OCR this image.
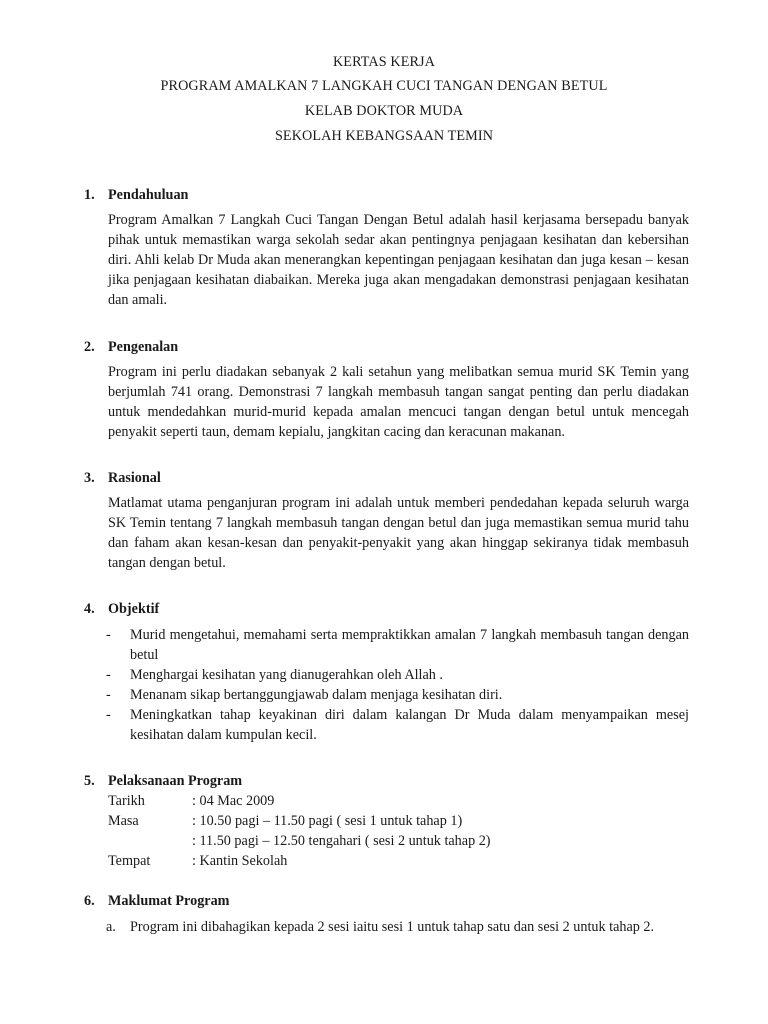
KERTAS KERJA
PROGRAM AMALKAN 7 LANGKAH CUCI TANGAN DENGAN BETUL
KELAB DOKTOR MUDA
SEKOLAH KEBANGSAAN TEMIN
1. Pendahuluan
Program Amalkan 7 Langkah Cuci Tangan Dengan Betul adalah hasil kerjasama bersepadu banyak pihak untuk memastikan warga sekolah sedar akan pentingnya penjagaan kesihatan dan kebersihan diri. Ahli kelab Dr Muda akan menerangkan kepentingan penjagaan kesihatan dan juga kesan – kesan jika penjagaan kesihatan diabaikan. Mereka juga akan mengadakan demonstrasi penjagaan kesihatan dan amali.
2. Pengenalan
Program ini perlu diadakan sebanyak 2 kali setahun yang melibatkan semua murid SK Temin yang berjumlah 741 orang. Demonstrasi 7 langkah membasuh tangan sangat penting dan perlu diadakan untuk mendedahkan murid-murid kepada amalan mencuci tangan dengan betul untuk mencegah penyakit seperti taun, demam kepialu, jangkitan cacing dan keracunan makanan.
3. Rasional
Matlamat utama penganjuran program ini adalah untuk memberi pendedahan kepada seluruh warga SK Temin tentang 7 langkah membasuh tangan dengan betul dan juga memastikan semua murid tahu dan faham akan kesan-kesan dan penyakit-penyakit yang akan hinggap sekiranya tidak membasuh tangan dengan betul.
4. Objektif
- Murid mengetahui, memahami serta mempraktikkan amalan 7 langkah membasuh tangan dengan betul
- Menghargai kesihatan yang dianugerahkan oleh Allah .
- Menanam sikap bertanggungjawab dalam menjaga kesihatan diri.
- Meningkatkan tahap keyakinan diri dalam kalangan Dr Muda dalam menyampaikan mesej kesihatan dalam kumpulan kecil.
5. Pelaksanaan Program
Tarikh	: 04 Mac 2009
Masa	: 10.50 pagi – 11.50 pagi ( sesi 1 untuk tahap 1)
: 11.50 pagi – 12.50 tengahari ( sesi 2 untuk tahap 2)
Tempat	: Kantin Sekolah
6. Maklumat Program
a. Program ini dibahagikan kepada 2 sesi iaitu sesi 1 untuk tahap satu dan sesi 2 untuk tahap 2.
